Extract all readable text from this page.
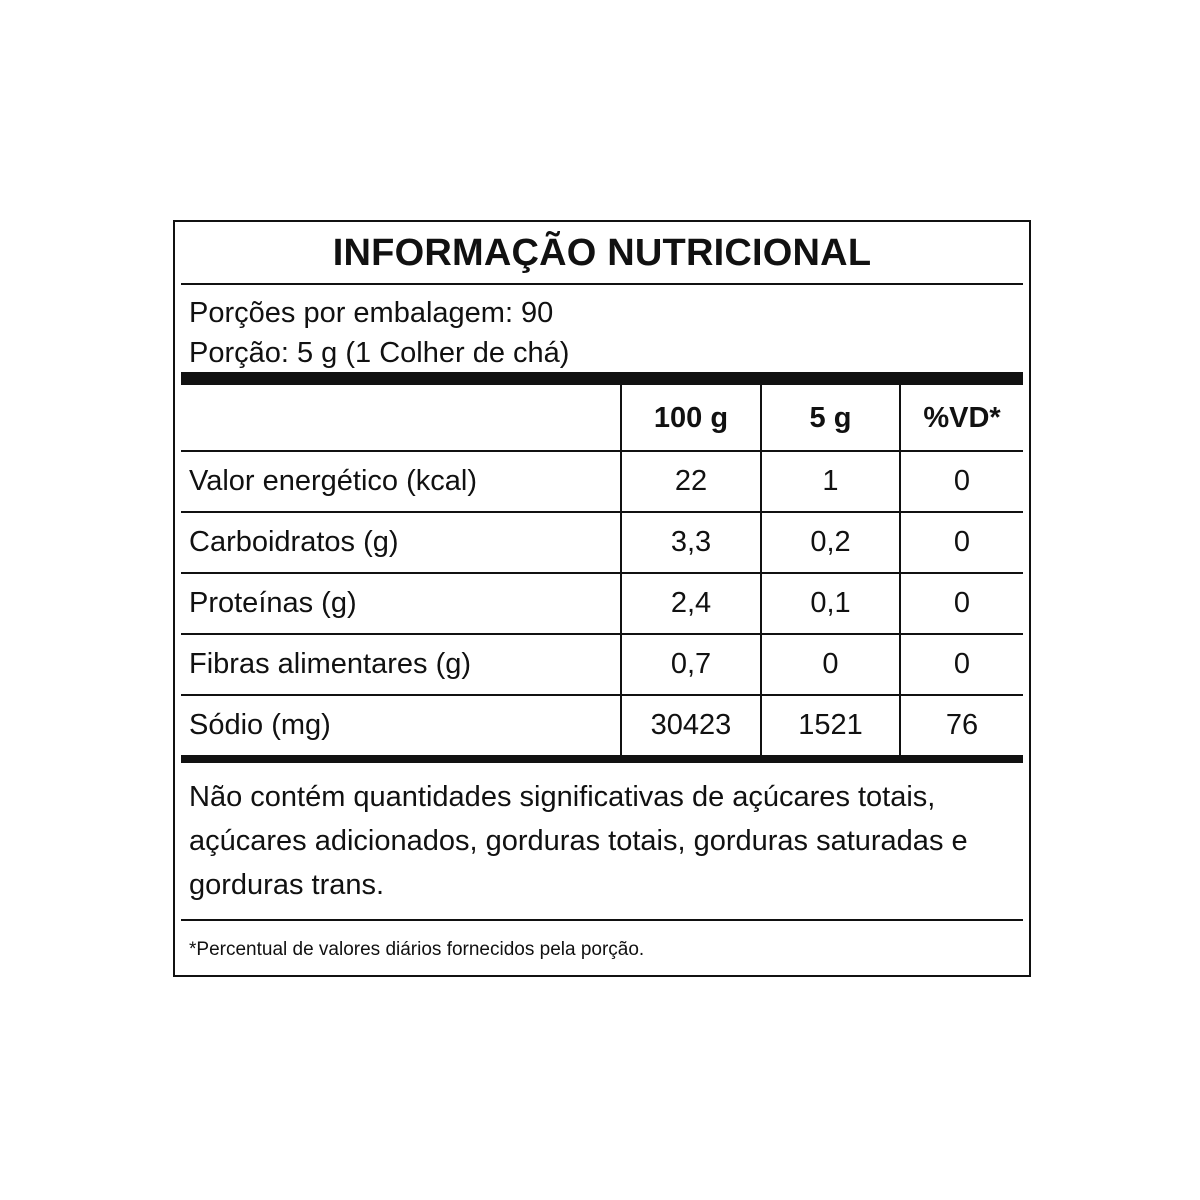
INFORMAÇÃO NUTRICIONAL
Porções por embalagem: 90
Porção: 5 g (1 Colher de chá)
	100 g	5 g	%VD*
Valor energético (kcal)	22	1	0
Carboidratos (g)	3,3	0,2	0
Proteínas (g)	2,4	0,1	0
Fibras alimentares (g)	0,7	0	0
Sódio (mg)	30423	1521	76
Não contém quantidades significativas de açúcares totais, açúcares adicionados, gorduras totais, gorduras saturadas e gorduras trans.
*Percentual de valores diários fornecidos pela porção.
